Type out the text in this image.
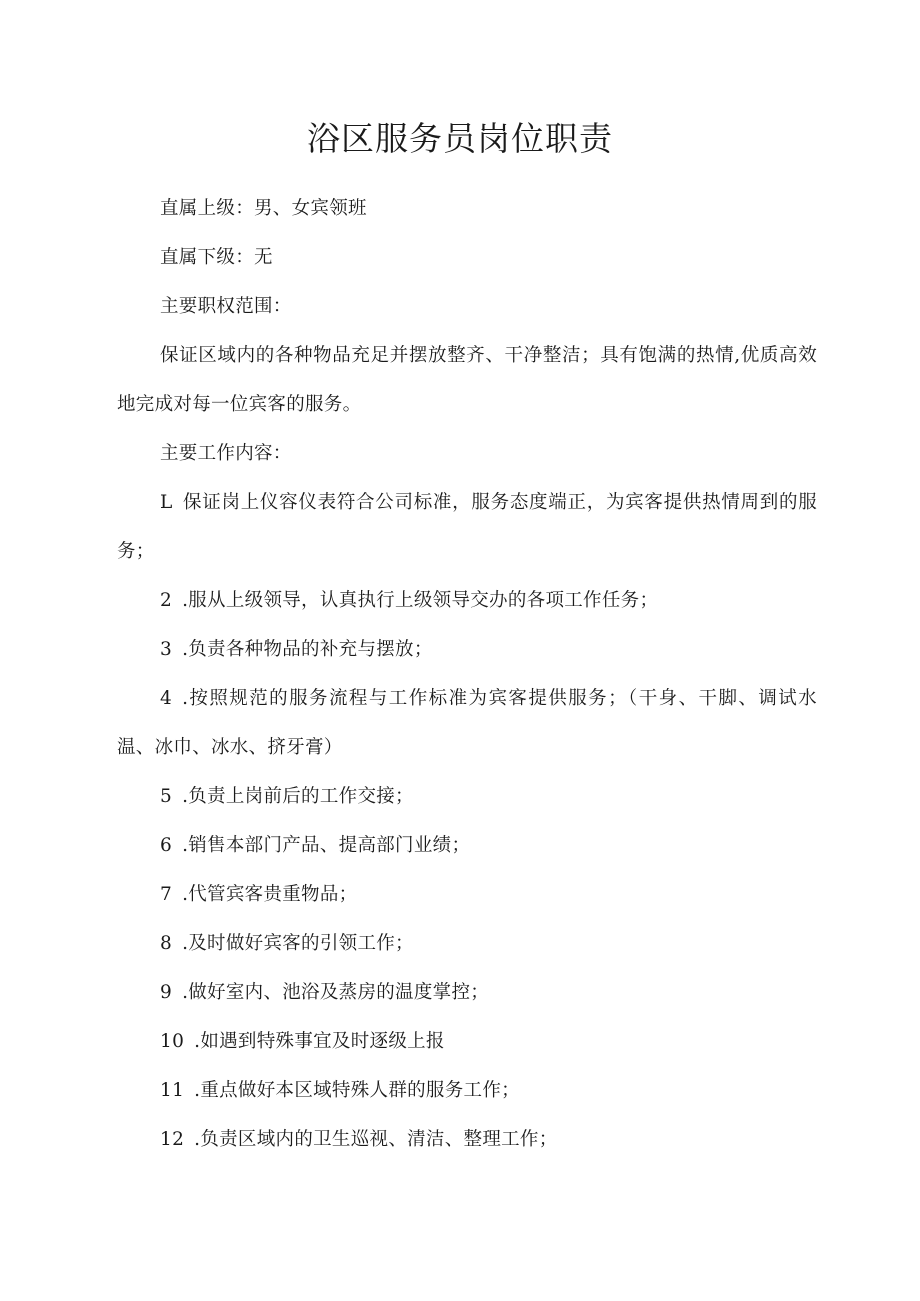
浴区服务员岗位职责

直属上级：男、女宾领班

直属下级：无

主要职权范围：

保证区域内的各种物品充足并摆放整齐、干净整洁；具有饱满的热情,优质高效地完成对每一位宾客的服务。

主要工作内容：

L 保证岗上仪容仪表符合公司标准，服务态度端正，为宾客提供热情周到的服务；

2 .服从上级领导，认真执行上级领导交办的各项工作任务；

3 .负责各种物品的补充与摆放；

4 .按照规范的服务流程与工作标准为宾客提供服务；（干身、干脚、调试水温、冰巾、冰水、挤牙膏）

5 .负责上岗前后的工作交接；

6 .销售本部门产品、提高部门业绩；

7 .代管宾客贵重物品；

8 .及时做好宾客的引领工作；

9 .做好室内、池浴及蒸房的温度掌控；

10 .如遇到特殊事宜及时逐级上报

11 .重点做好本区域特殊人群的服务工作；

12 .负责区域内的卫生巡视、清洁、整理工作；
